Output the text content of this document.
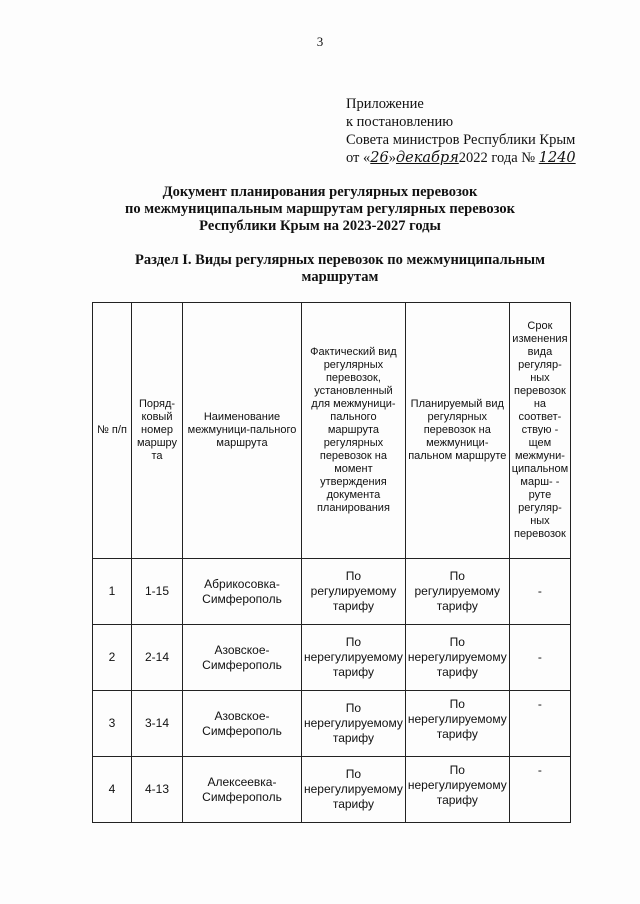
3
Приложение
к постановлению
Совета министров Республики Крым
от «26»декабря2022 года № 1240
Документ планирования регулярных перевозок
по межмуниципальным маршрутам регулярных перевозок
Республики Крым на 2023-2027 годы
Раздел I. Виды регулярных перевозок по межмуниципальным
маршрутам
№ п/п	Поряд-ковый номер маршру та	Наименование межмуници-пального маршрута	Фактический вид регулярных перевозок, установленный для межмуници-пального маршрута регулярных перевозок на момент утверждения документа планирования	Планируемый вид регулярных перевозок на межмуници-пальном маршруте	Срок изменения вида регуляр-ных перевозок на соответ-ствую - щем межмуни-ципальном марш- - руте регуляр-ных перевозок
1	1-15	Абрикосовка-Симферополь	По регулируемому тарифу	По регулируемому тарифу	-
2	2-14	Азовское-Симферополь	По нерегулируемому тарифу	По нерегулируемому тарифу	-
3	3-14	Азовское-Симферополь	По нерегулируемому тарифу	По нерегулируемому тарифу	-
4	4-13	Алексеевка-Симферополь	По нерегулируемому тарифу	По нерегулируемому тарифу	-
